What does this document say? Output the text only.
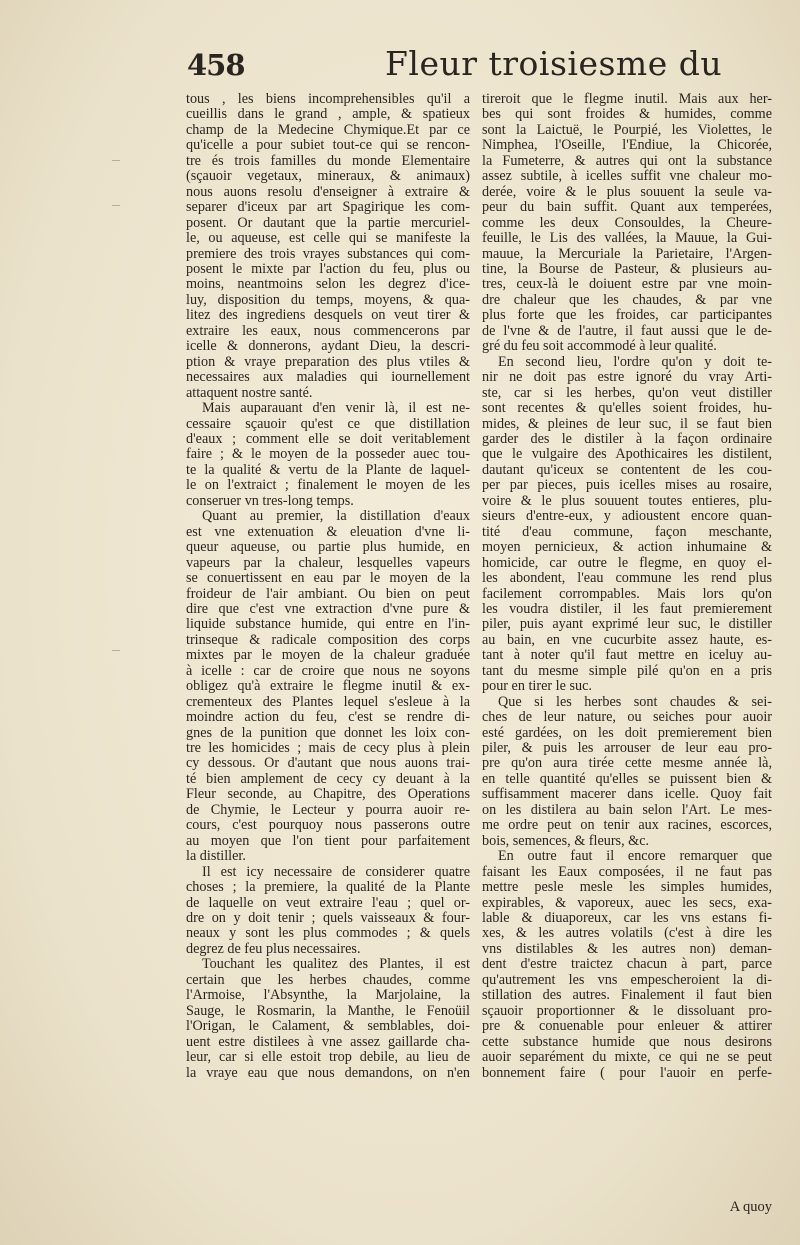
458	Fleur troisiesme du
tous , les biens incomprehensibles qu'il a
cueillis dans le grand , ample, & spatieux
champ de la Medecine Chymique.Et par ce
qu'icelle a pour subiet tout-ce qui se rencon-
tre és trois familles du monde Elementaire
(sçauoir vegetaux, mineraux, & animaux)
nous auons resolu d'enseigner à extraire &
separer d'iceux par art Spagirique les com-
posent. Or dautant que la partie mercuriel-
le, ou aqueuse, est celle qui se manifeste la
premiere des trois vrayes substances qui com-
posent le mixte par l'action du feu, plus ou
moins, neantmoins selon les degrez d'ice-
luy, disposition du temps, moyens, & qua-
litez des ingrediens desquels on veut tirer &
extraire les eaux, nous commencerons par
icelle & donnerons, aydant Dieu, la descri-
ption & vraye preparation des plus vtiles &
necessaires aux maladies qui iournellement
attaquent nostre santé.
Mais auparauant d'en venir là, il est ne-
cessaire sçauoir qu'est ce que distillation
d'eaux ; comment elle se doit veritablement
faire ; & le moyen de la posseder auec tou-
te la qualité & vertu de la Plante de laquel-
le on l'extraict ; finalement le moyen de les
conseruer vn tres-long temps.
Quant au premier, la distillation d'eaux
est vne extenuation & eleuation d'vne li-
queur aqueuse, ou partie plus humide, en
vapeurs par la chaleur, lesquelles vapeurs
se conuertissent en eau par le moyen de la
froideur de l'air ambiant. Ou bien on peut
dire que c'est vne extraction d'vne pure &
liquide substance humide, qui entre en l'in-
trinseque & radicale composition des corps
mixtes par le moyen de la chaleur graduée
à icelle : car de croire que nous ne soyons
obligez qu'à extraire le flegme inutil & ex-
crementeux des Plantes lequel s'esleue à la
moindre action du feu, c'est se rendre di-
gnes de la punition que donnet les loix con-
tre les homicides ; mais de cecy plus à plein
cy dessous. Or d'autant que nous auons trai-
té bien amplement de cecy cy deuant à la
Fleur seconde, au Chapitre, des Operations
de Chymie, le Lecteur y pourra auoir re-
cours, c'est pourquoy nous passerons outre
au moyen que l'on tient pour parfaitement
la distiller.
Il est icy necessaire de considerer quatre
choses ; la premiere, la qualité de la Plante
de laquelle on veut extraire l'eau ; quel or-
dre on y doit tenir ; quels vaisseaux & four-
neaux y sont les plus commodes ; & quels
degrez de feu plus necessaires.
Touchant les qualitez des Plantes, il est
certain que les herbes chaudes, comme
l'Armoise, l'Absynthe, la Marjolaine, la
Sauge, le Rosmarin, la Manthe, le Fenoüil
l'Origan, le Calament, & semblables, doi-
uent estre distilees à vne assez gaillarde cha-
leur, car si elle estoit trop debile, au lieu de
la vraye eau que nous demandons, on n'en
tireroit que le flegme inutil. Mais aux her-
bes qui sont froides & humides, comme
sont la Laictuë, le Pourpié, les Violettes, le
Nimphea, l'Oseille, l'Endiue, la Chicorée,
la Fumeterre, & autres qui ont la substance
assez subtile, à icelles suffit vne chaleur mo-
derée, voire & le plus souuent la seule va-
peur du bain suffit. Quant aux temperées,
comme les deux Consouldes, la Cheure-
feuille, le Lis des vallées, la Mauue, la Gui-
mauue, la Mercuriale la Parietaire, l'Argen-
tine, la Bourse de Pasteur, & plusieurs au-
tres, ceux-là le doiuent estre par vne moin-
dre chaleur que les chaudes, & par vne
plus forte que les froides, car participantes
de l'vne & de l'autre, il faut aussi que le de-
gré du feu soit accommodé à leur qualité.
En second lieu, l'ordre qu'on y doit te-
nir ne doit pas estre ignoré du vray Arti-
ste, car si les herbes, qu'on veut distiller
sont recentes & qu'elles soient froides, hu-
mides, & pleines de leur suc, il se faut bien
garder des le distiler à la façon ordinaire
que le vulgaire des Apothicaires les distilent,
dautant qu'iceux se contentent de les cou-
per par pieces, puis icelles mises au rosaire,
voire & le plus souuent toutes entieres, plu-
sieurs d'entre-eux, y adioustent encore quan-
tité d'eau commune, façon meschante,
moyen pernicieux, & action inhumaine &
homicide, car outre le flegme, en quoy el-
les abondent, l'eau commune les rend plus
facilement corrompables. Mais lors qu'on
les voudra distiler, il les faut premierement
piler, puis ayant exprimé leur suc, le distiller
au bain, en vne cucurbite assez haute, es-
tant à noter qu'il faut mettre en iceluy au-
tant du mesme simple pilé qu'on en a pris
pour en tirer le suc.
Que si les herbes sont chaudes & sei-
ches de leur nature, ou seiches pour auoir
esté gardées, on les doit premierement bien
piler, & puis les arrouser de leur eau pro-
pre qu'on aura tirée cette mesme année là,
en telle quantité qu'elles se puissent bien &
suffisamment macerer dans icelle. Quoy fait
on les distilera au bain selon l'Art. Le mes-
me ordre peut on tenir aux racines, escorces,
bois, semences, & fleurs, &c.
En outre faut il encore remarquer que
faisant les Eaux composées, il ne faut pas
mettre pesle mesle les simples humides,
expirables, & vaporeux, auec les secs, exa-
lable & diuaporeux, car les vns estans fi-
xes, & les autres volatils (c'est à dire les
vns distilables & les autres non) deman-
dent d'estre traictez chacun à part, parce
qu'autrement les vns empescheroient la di-
stillation des autres. Finalement il faut bien
sçauoir proportionner & le dissoluant pro-
pre & conuenable pour enleuer & attirer
cette substance humide que nous desirons
auoir separément du mixte, ce qui ne se peut
bonnement faire ( pour l'auoir en perfe-
A quoy
